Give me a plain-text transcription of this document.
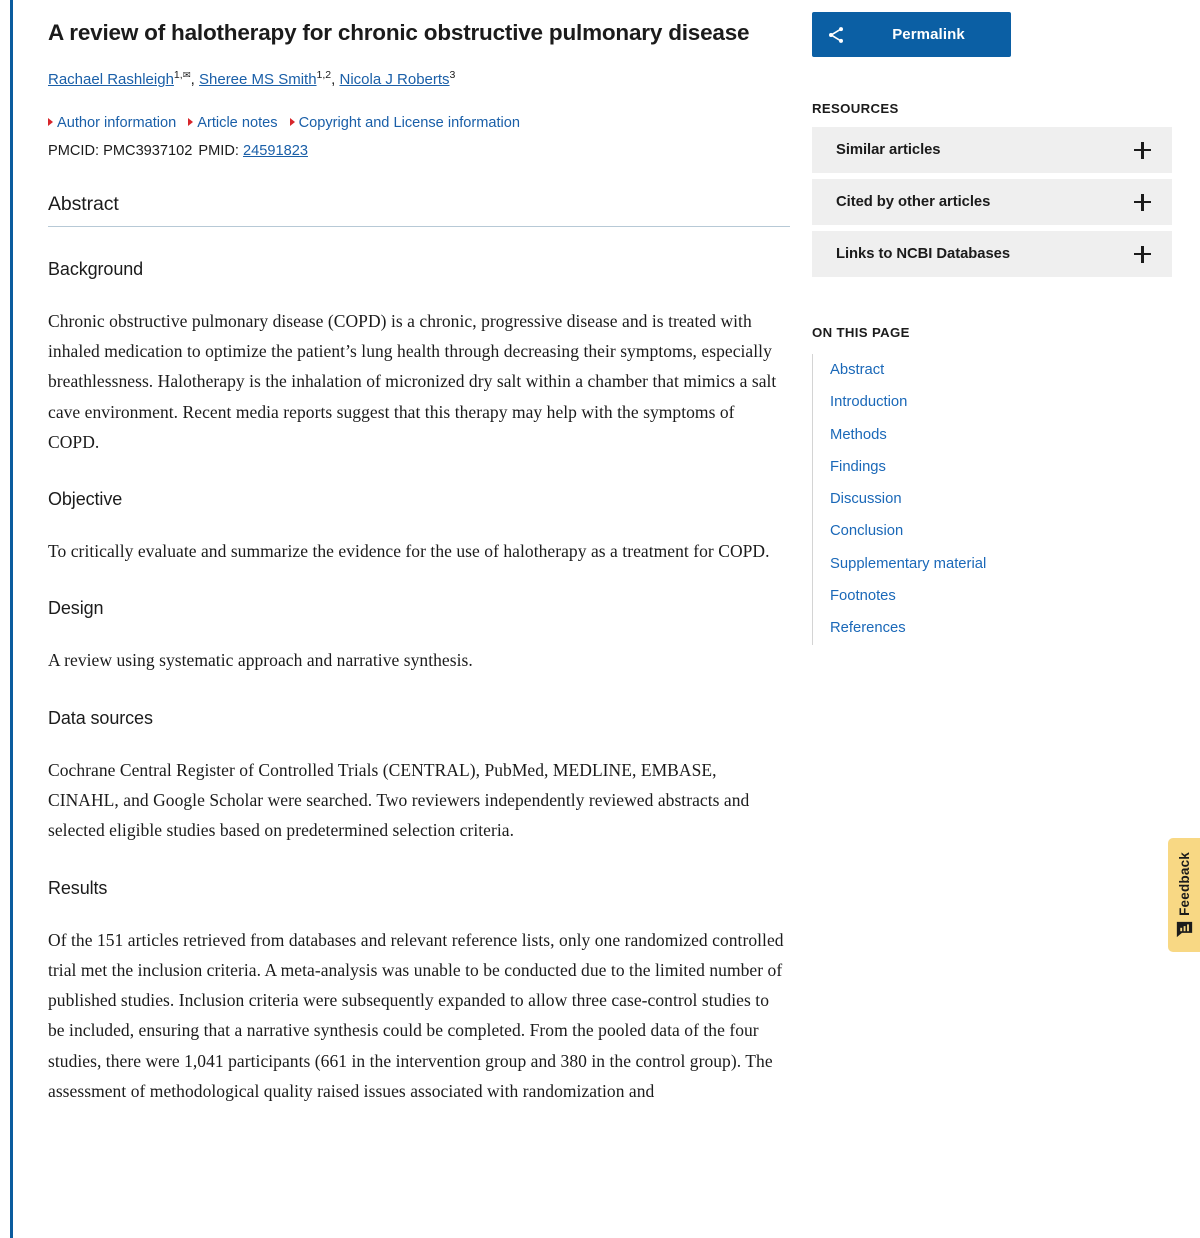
A review of halotherapy for chronic obstructive pulmonary disease
Rachael Rashleigh$^{1,✉}$, Sheree MS Smith$^{1,2}$, Nicola J Roberts$^3$
Author information Article notes Copyright and License information
PMCID: PMC3937102 PMID: 24591823
Abstract
Background

Chronic obstructive pulmonary disease (COPD) is a chronic, progressive disease and is treated with inhaled medication to optimize the patient’s lung health through decreasing their symptoms, especially breathlessness. Halotherapy is the inhalation of micronized dry salt within a chamber that mimics a salt cave environment. Recent media reports suggest that this therapy may help with the symptoms of COPD.

Objective

To critically evaluate and summarize the evidence for the use of halotherapy as a treatment for COPD.

Design

A review using systematic approach and narrative synthesis.

Data sources

Cochrane Central Register of Controlled Trials (CENTRAL), PubMed, MEDLINE, EMBASE, CINAHL, and Google Scholar were searched. Two reviewers independently reviewed abstracts and selected eligible studies based on predetermined selection criteria.

Results

Of the 151 articles retrieved from databases and relevant reference lists, only one randomized controlled trial met the inclusion criteria. A meta-analysis was unable to be conducted due to the limited number of published studies. Inclusion criteria were subsequently expanded to allow three case-control studies to be included, ensuring that a narrative synthesis could be completed. From the pooled data of the four studies, there were 1,041 participants (661 in the intervention group and 380 in the control group). The assessment of methodological quality raised issues associated with randomization and

Permalink
RESOURCES
Similar articles
Cited by other articles
Links to NCBI Databases
ON THIS PAGE
Abstract
Introduction
Methods
Findings
Discussion
Conclusion
Supplementary material
Footnotes
References
Feedback
